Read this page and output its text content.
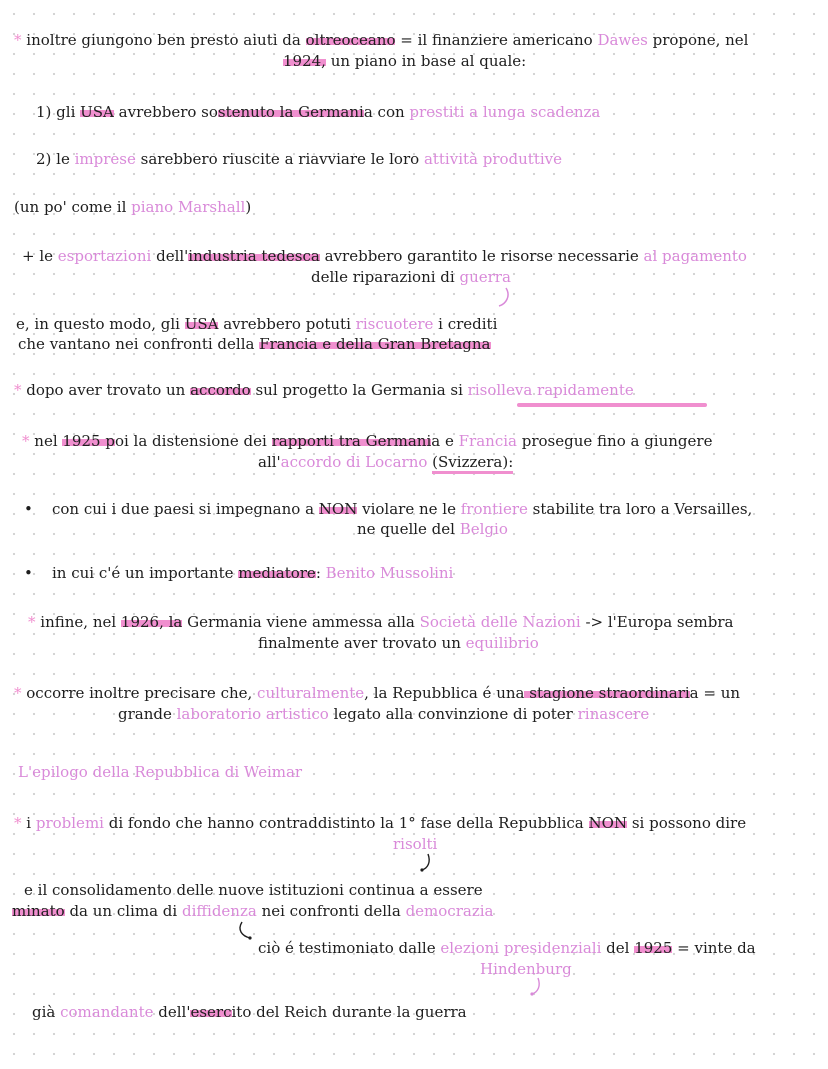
* inoltre giungono ben presto aiuti da oltreoceano = il finanziere americano Dawes propone, nel
1924, un piano in base al quale:
1) gli USA avrebbero sostenuto la Germania con prestiti a lunga scadenza
2) le imprese sarebbero riuscite a riavviare le loro attività produttive
(un po' come il piano Marshall)
+ le esportazioni dell'industria tedesca avrebbero garantito le risorse necessarie al pagamento
delle riparazioni di guerra
e, in questo modo, gli USA avrebbero potuti riscuotere i crediti
che vantano nei confronti della Francia e della Gran Bretagna
* dopo aver trovato un accordo sul progetto la Germania si risolleva rapidamente
* nel 1925 poi la distensione dei rapporti tra Germania e Francia prosegue fino a giungere
all'accordo di Locarno (Svizzera):
• con cui i due paesi si impegnano a NON violare ne le frontiere stabilite tra loro a Versailles,
ne quelle del Belgio
• in cui c'é un importante mediatore: Benito Mussolini
* infine, nel 1926, la Germania viene ammessa alla Società delle Nazioni -> l'Europa sembra
finalmente aver trovato un equilibrio
* occorre inoltre precisare che, culturalmente, la Repubblica é una stagione straordinaria = un
grande laboratorio artistico legato alla convinzione di poter rinascere
L'epilogo della Repubblica di Weimar
* i problemi di fondo che hanno contraddistinto la 1° fase della Repubblica NON si possono dire
risolti
e il consolidamento delle nuove istituzioni continua a essere
minato da un clima di diffidenza nei confronti della democrazia
ciò é testimoniato dalle elezioni presidenziali del 1925 = vinte da
Hindenburg
già comandante dell'esercito del Reich durante la guerra
